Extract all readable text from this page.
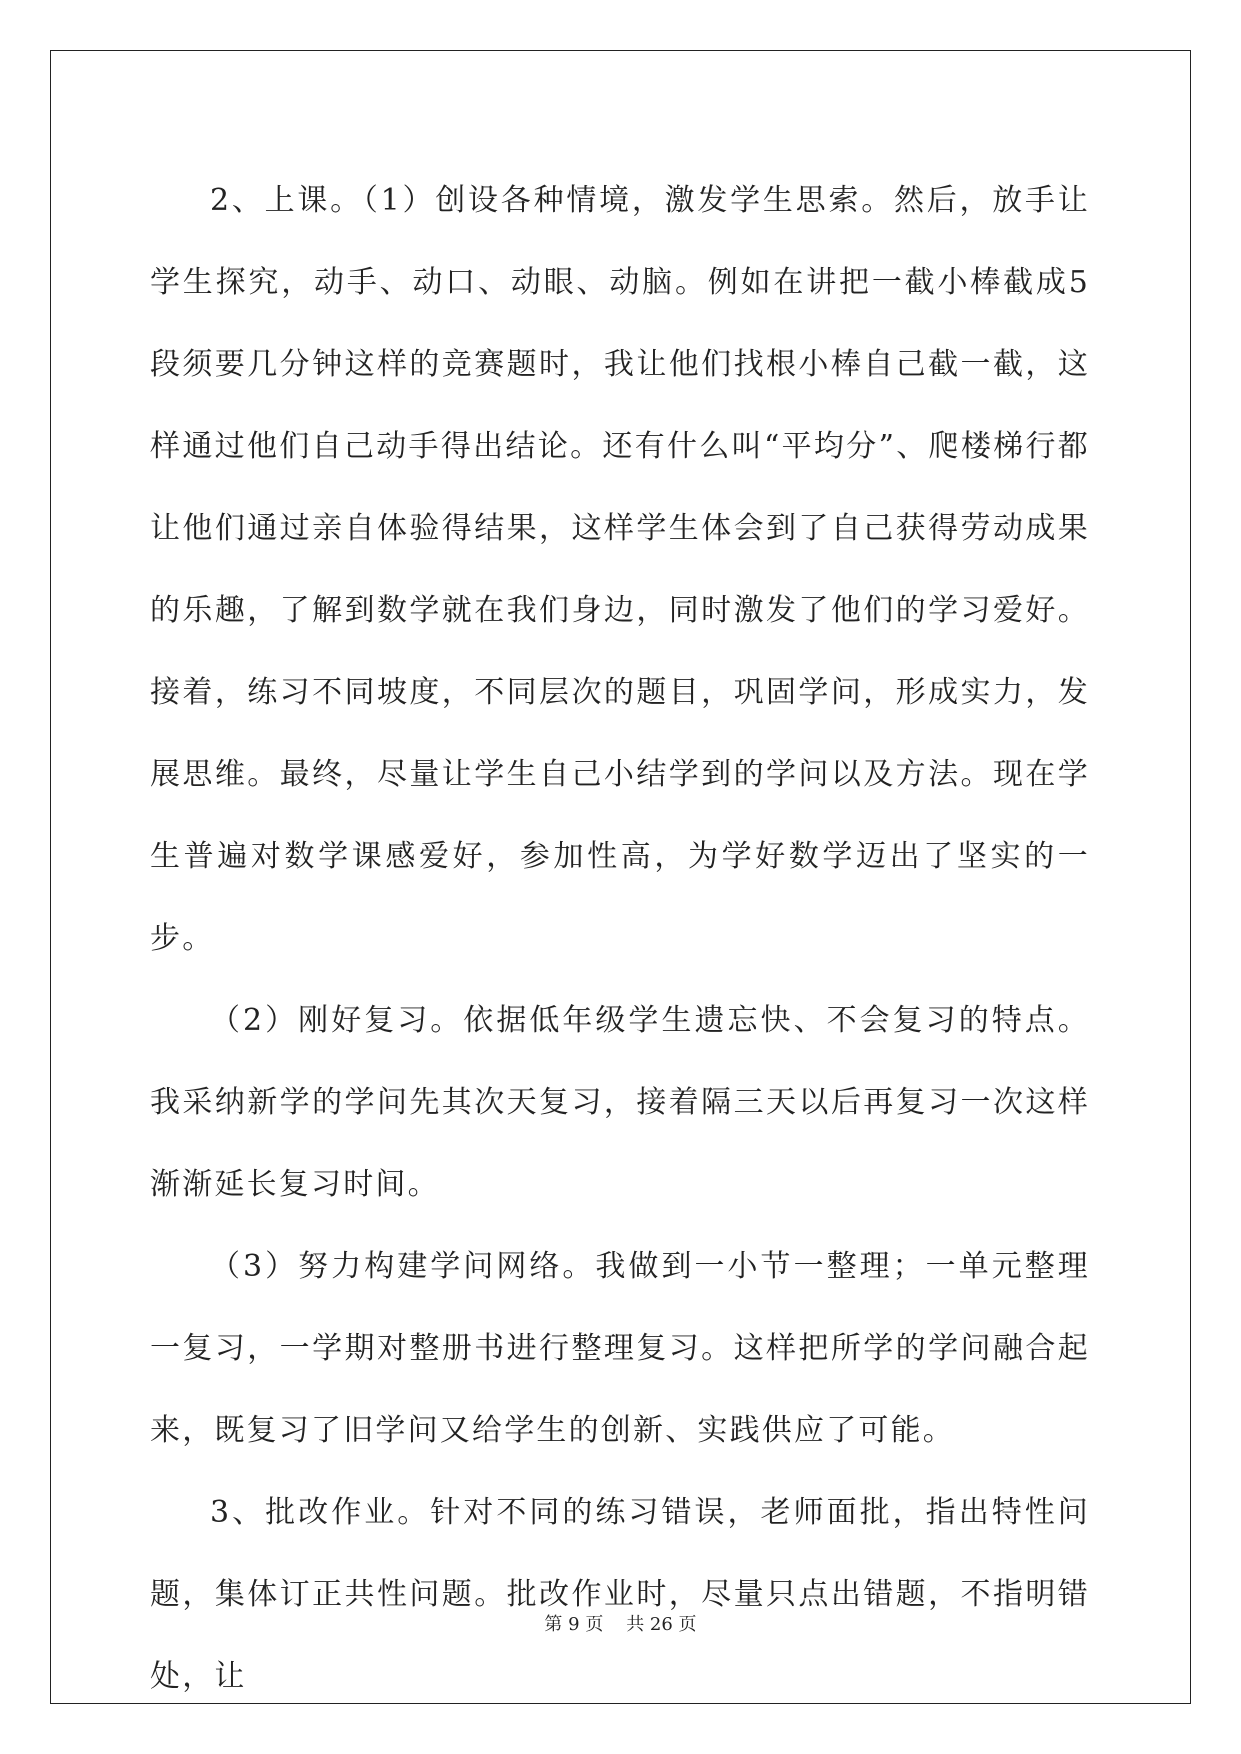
2、上课。（1）创设各种情境，激发学生思索。然后，放手让学生探究，动手、动口、动眼、动脑。例如在讲把一截小棒截成5段须要几分钟这样的竞赛题时，我让他们找根小棒自己截一截，这样通过他们自己动手得出结论。还有什么叫“平均分”、爬楼梯行都让他们通过亲自体验得结果，这样学生体会到了自己获得劳动成果的乐趣，了解到数学就在我们身边，同时激发了他们的学习爱好。接着，练习不同坡度，不同层次的题目，巩固学问，形成实力，发展思维。最终，尽量让学生自己小结学到的学问以及方法。现在学生普遍对数学课感爱好，参加性高，为学好数学迈出了坚实的一步。

（2）刚好复习。依据低年级学生遗忘快、不会复习的特点。我采纳新学的学问先其次天复习，接着隔三天以后再复习一次这样渐渐延长复习时间。

（3）努力构建学问网络。我做到一小节一整理；一单元整理一复习，一学期对整册书进行整理复习。这样把所学的学问融合起来，既复习了旧学问又给学生的创新、实践供应了可能。

3、批改作业。针对不同的练习错误，老师面批，指出特性问题，集体订正共性问题。批改作业时，尽量只点出错题，不指明错处，让

第 9 页    共 26 页
